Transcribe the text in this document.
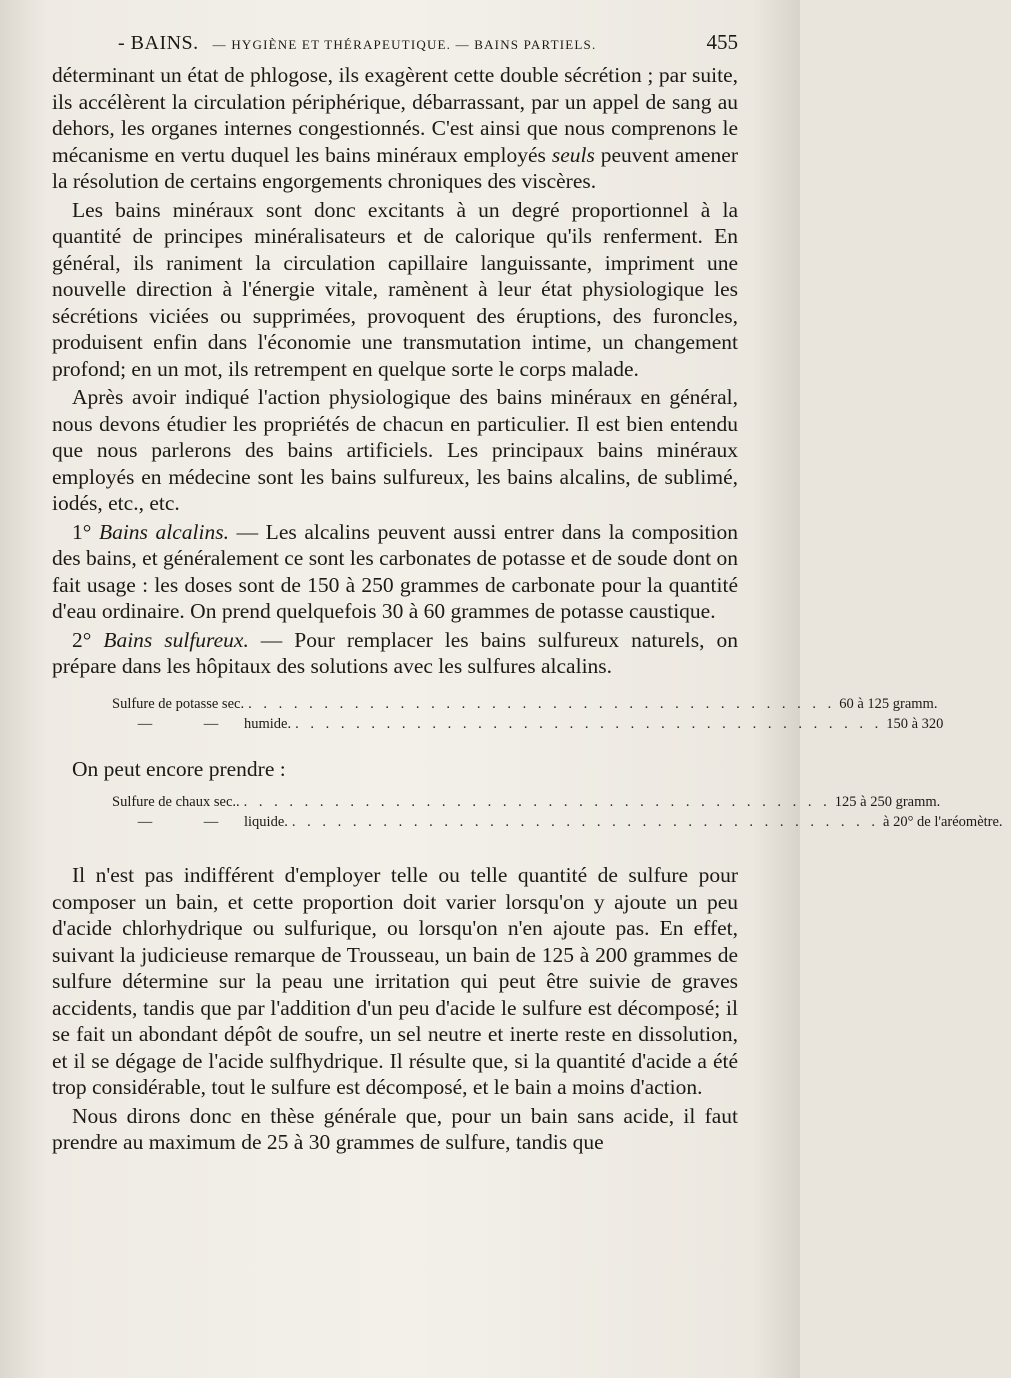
- BAINS. — HYGIÈNE ET THÉRAPEUTIQUE. — BAINS PARTIELS.	455

déterminant un état de phlogose, ils exagèrent cette double sécrétion ; par suite, ils accélèrent la circulation périphérique, débarrassant, par un appel de sang au dehors, les organes internes congestionnés. C'est ainsi que nous comprenons le mécanisme en vertu duquel les bains minéraux employés seuls peuvent amener la résolution de certains engorgements chroniques des viscères.

Les bains minéraux sont donc excitants à un degré proportionnel à la quantité de principes minéralisateurs et de calorique qu'ils renferment. En général, ils raniment la circulation capillaire languissante, impriment une nouvelle direction à l'énergie vitale, ramènent à leur état physiologique les sécrétions viciées ou supprimées, provoquent des éruptions, des furoncles, produisent enfin dans l'économie une transmutation intime, un changement profond; en un mot, ils retrempent en quelque sorte le corps malade.

Après avoir indiqué l'action physiologique des bains minéraux en général, nous devons étudier les propriétés de chacun en particulier. Il est bien entendu que nous parlerons des bains artificiels. Les principaux bains minéraux employés en médecine sont les bains sulfureux, les bains alcalins, de sublimé, iodés, etc., etc.

1° Bains alcalins. — Les alcalins peuvent aussi entrer dans la composition des bains, et généralement ce sont les carbonates de potasse et de soude dont on fait usage : les doses sont de 150 à 250 grammes de carbonate pour la quantité d'eau ordinaire. On prend quelquefois 30 à 60 grammes de potasse caustique.

2° Bains sulfureux. — Pour remplacer les bains sulfureux naturels, on prépare dans les hôpitaux des solutions avec les sulfures alcalins.

Sulfure de potasse sec. . . . . . . . . . . . . . . . . . . . . . . . . . . . . . . . . . . . . . . . 60 à 125 gramm.
—	— humide. . . . . . . . . . . . . . . . . . . . . . . . . . . . . . . . . . . . . . . . 150 à 320

On peut encore prendre :

Sulfure de chaux sec.. . . . . . . . . . . . . . . . . . . . . . . . . . . . . . . . . . . . . . . . 125 à 250 gramm.
—	— liquide. . . . . . . . . . . . . . . . . . . . . . . . . . . . . . . . . . . . . . . . à 20° de l'aréomètre.

Il n'est pas indifférent d'employer telle ou telle quantité de sulfure pour composer un bain, et cette proportion doit varier lorsqu'on y ajoute un peu d'acide chlorhydrique ou sulfurique, ou lorsqu'on n'en ajoute pas. En effet, suivant la judicieuse remarque de Trousseau, un bain de 125 à 200 grammes de sulfure détermine sur la peau une irritation qui peut être suivie de graves accidents, tandis que par l'addition d'un peu d'acide le sulfure est décomposé; il se fait un abondant dépôt de soufre, un sel neutre et inerte reste en dissolution, et il se dégage de l'acide sulfhydrique. Il résulte que, si la quantité d'acide a été trop considérable, tout le sulfure est décomposé, et le bain a moins d'action.

Nous dirons donc en thèse générale que, pour un bain sans acide, il faut prendre au maximum de 25 à 30 grammes de sulfure, tandis que
